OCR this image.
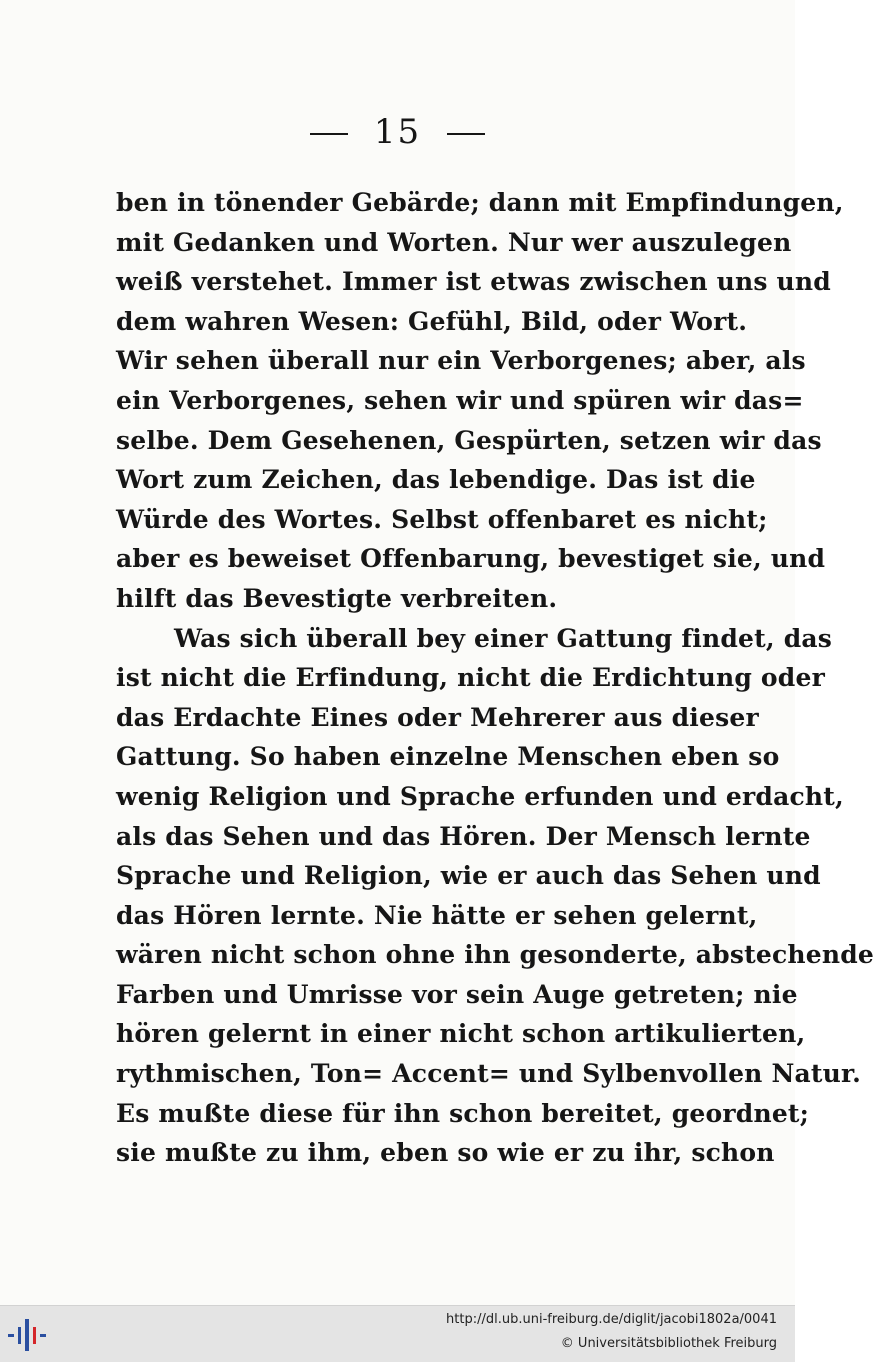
15
ben in tönender Gebärde; dann mit Empfindungen,
mit Gedanken und Worten. Nur wer auszulegen
weiß verstehet. Immer ist etwas zwischen uns und
dem wahren Wesen: Gefühl, Bild, oder Wort.
Wir sehen überall nur ein Verborgenes; aber, als
ein Verborgenes, sehen wir und spüren wir das=
selbe. Dem Gesehenen, Gespürten, setzen wir das
Wort zum Zeichen, das lebendige. Das ist die
Würde des Wortes. Selbst offenbaret es nicht;
aber es beweiset Offenbarung, bevestiget sie, und
hilft das Bevestigte verbreiten.
Was sich überall bey einer Gattung findet, das
ist nicht die Erfindung, nicht die Erdichtung oder
das Erdachte Eines oder Mehrerer aus dieser
Gattung. So haben einzelne Menschen eben so
wenig Religion und Sprache erfunden und erdacht,
als das Sehen und das Hören. Der Mensch lernte
Sprache und Religion, wie er auch das Sehen und
das Hören lernte. Nie hätte er sehen gelernt,
wären nicht schon ohne ihn gesonderte, abstechende
Farben und Umrisse vor sein Auge getreten; nie
hören gelernt in einer nicht schon artikulierten,
rythmischen, Ton= Accent= und Sylbenvollen Natur.
Es mußte diese für ihn schon bereitet, geordnet;
sie mußte zu ihm, eben so wie er zu ihr, schon
http://dl.ub.uni-freiburg.de/diglit/jacobi1802a/0041
© Universitätsbibliothek Freiburg
